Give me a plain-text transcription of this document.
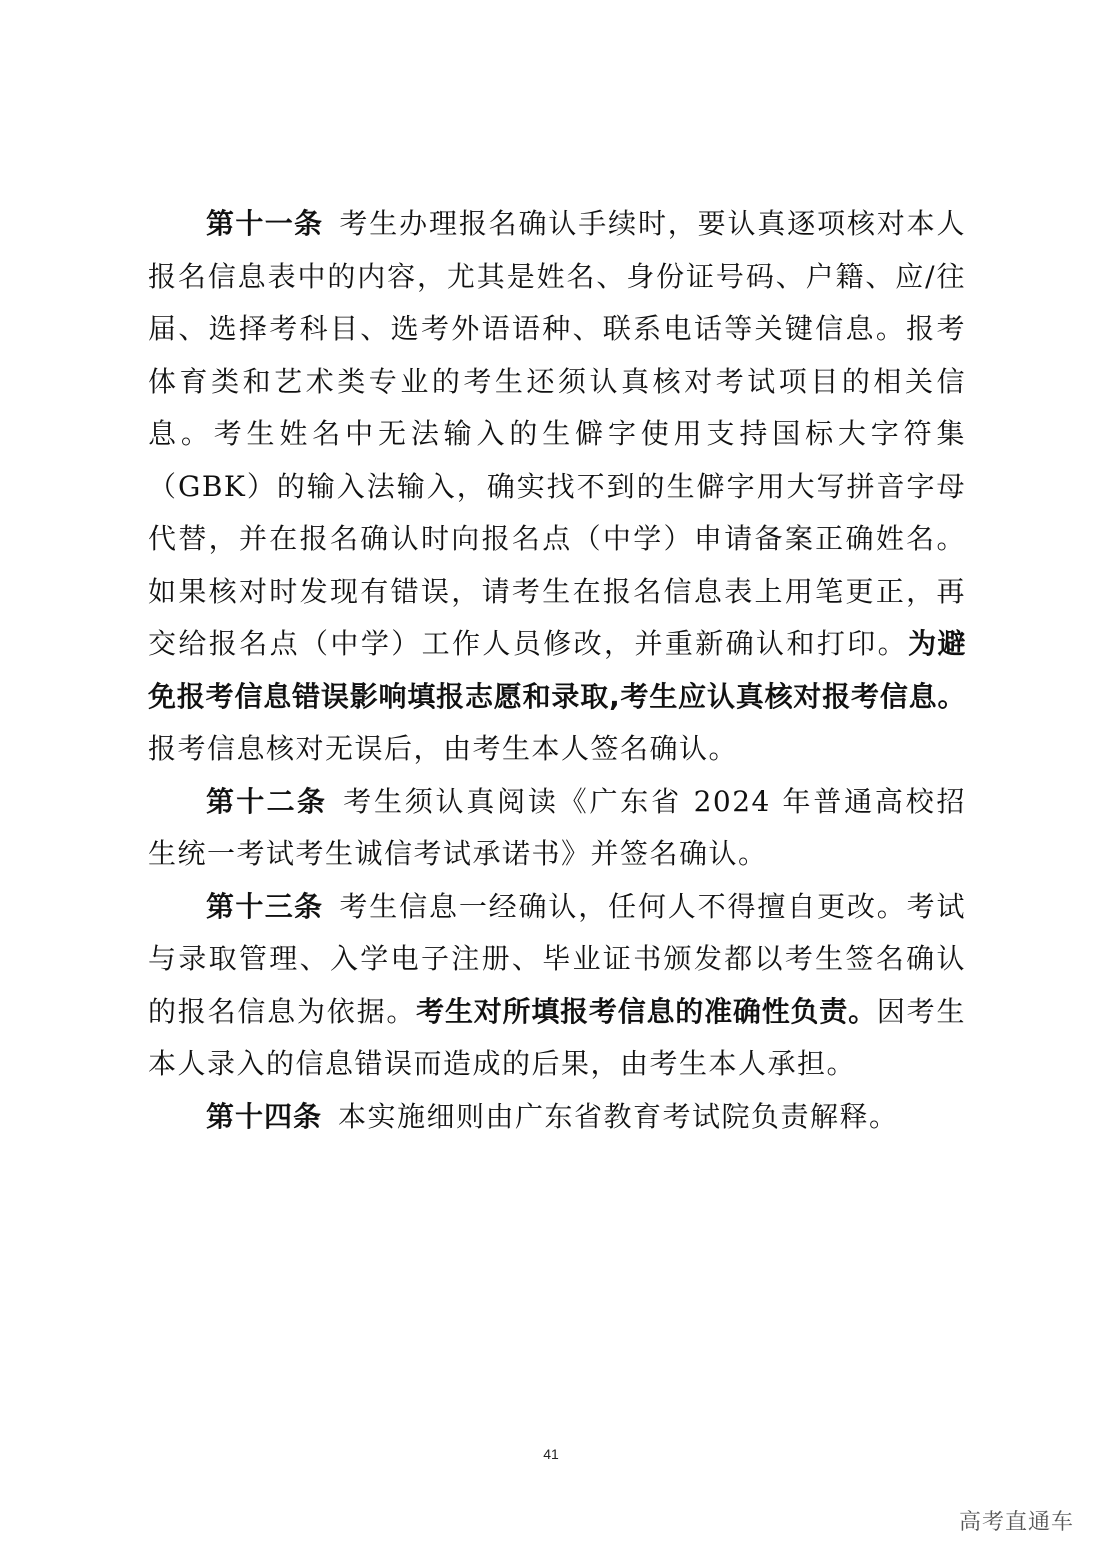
第十一条 考生办理报名确认手续时，要认真逐项核对本人报名信息表中的内容，尤其是姓名、身份证号码、户籍、应/往届、选择考科目、选考外语语种、联系电话等关键信息。报考体育类和艺术类专业的考生还须认真核对考试项目的相关信息。考生姓名中无法输入的生僻字使用支持国标大字符集（GBK）的输入法输入，确实找不到的生僻字用大写拼音字母代替，并在报名确认时向报名点（中学）申请备案正确姓名。如果核对时发现有错误，请考生在报名信息表上用笔更正，再交给报名点（中学）工作人员修改，并重新确认和打印。为避免报考信息错误影响填报志愿和录取,考生应认真核对报考信息。报考信息核对无误后，由考生本人签名确认。

第十二条 考生须认真阅读《广东省 2024 年普通高校招生统一考试考生诚信考试承诺书》并签名确认。

第十三条 考生信息一经确认，任何人不得擅自更改。考试与录取管理、入学电子注册、毕业证书颁发都以考生签名确认的报名信息为依据。考生对所填报考信息的准确性负责。因考生本人录入的信息错误而造成的后果，由考生本人承担。

第十四条 本实施细则由广东省教育考试院负责解释。

41
高考直通车
